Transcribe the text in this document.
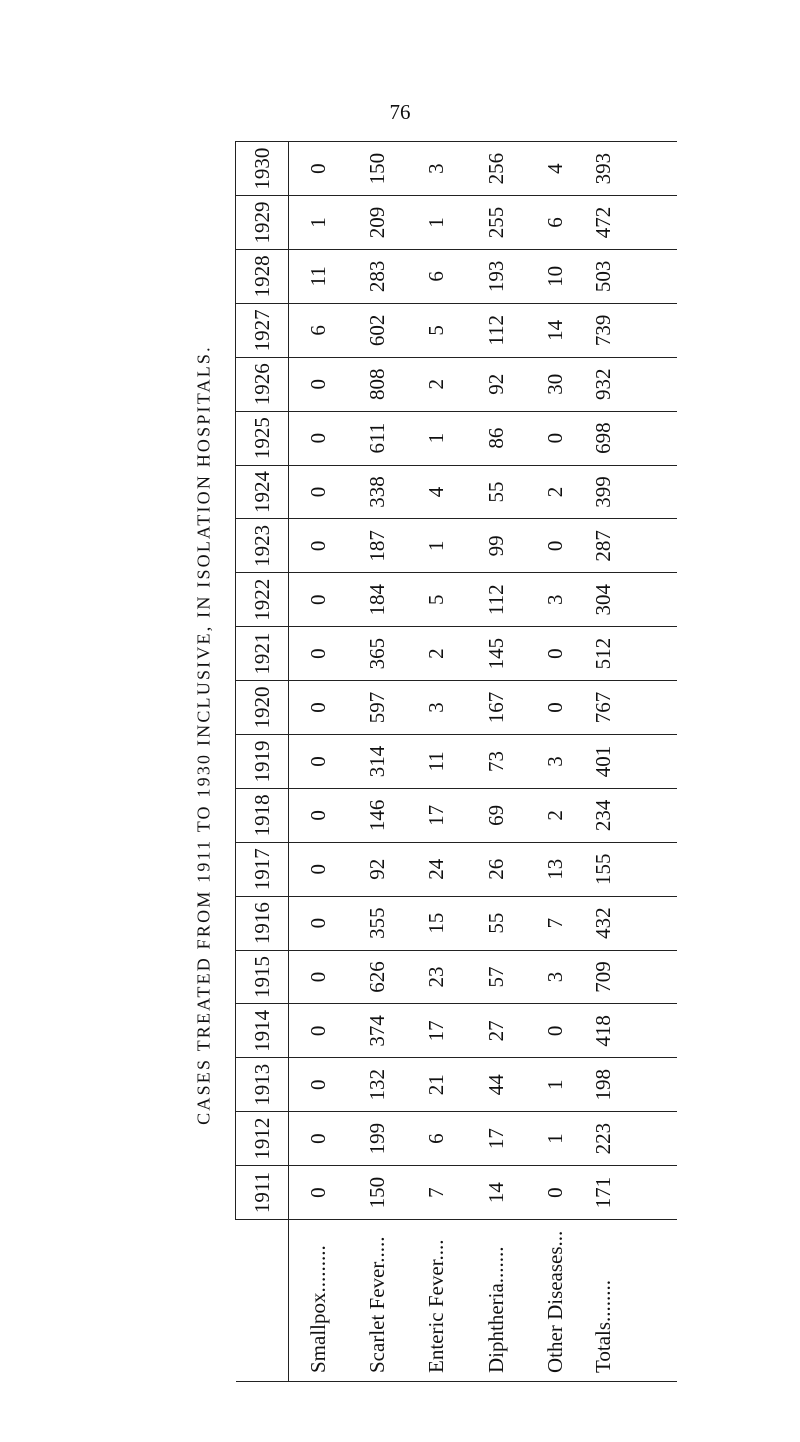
76
CASES TREATED FROM 1911 TO 1930 INCLUSIVE, IN ISOLATION HOSPITALS.
	1911	1912	1913	1914	1915	1916	1917	1918	1919	1920	1921	1922	1923	1924	1925	1926	1927	1928	1929	1930
Smallpox.........	0	0	0	0	0	0	0	0	0	0	0	0	0	0	0	0	6	11	1	0
Scarlet Fever.....	150	199	132	374	626	355	92	146	314	597	365	184	187	338	611	808	602	283	209	150
Enteric Fever....	7	6	21	17	23	15	24	17	11	3	2	5	1	4	1	2	5	6	1	3
Diphtheria.......	14	17	44	27	57	55	26	69	73	167	145	112	99	55	86	92	112	193	255	256
Other Diseases...	0	1	1	0	3	7	13	2	3	0	0	3	0	2	0	30	14	10	6	4
Totals........	171	223	198	418	709	432	155	234	401	767	512	304	287	399	698	932	739	503	472	393
